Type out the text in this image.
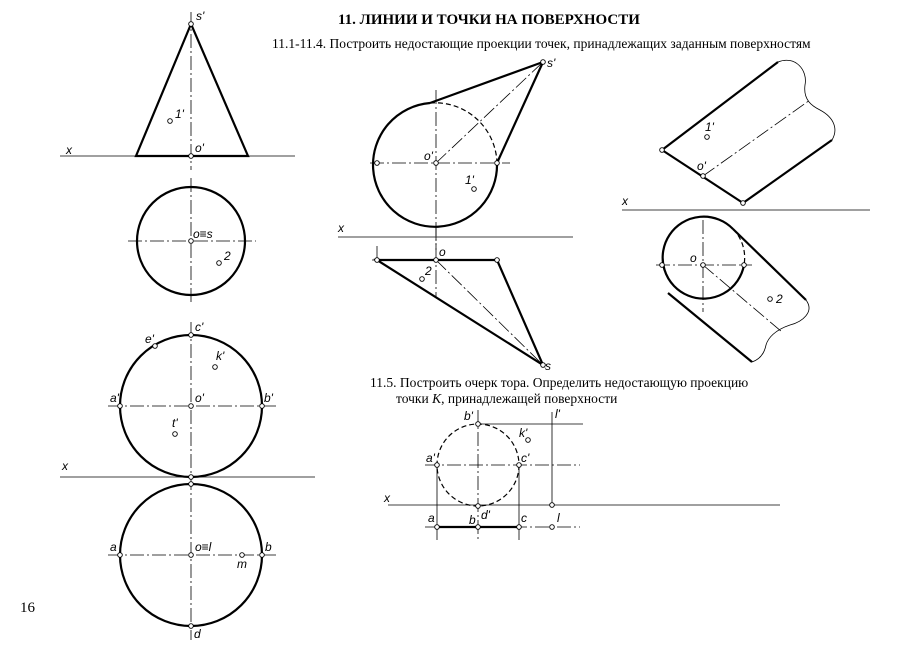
11. ЛИНИИ И ТОЧКИ НА ПОВЕРХНОСТИ
11.1-11.4. Построить недостающие проекции точек, принадлежащих заданным поверхностям
11.5. Построить очерк тора. Определить недостающую проекцию
точки K, принадлежащей поверхности
16
x
s'
1'
o'
o≡s
2
x
c'
e'
k'
a'	o'	b'
t'
a	o≡l
m
b
d
x
s'
o'
1'
o
2
s
x
o'
1'
o
2
x
b'
k'
l'
a'	c'
d'
a	b	c	l
